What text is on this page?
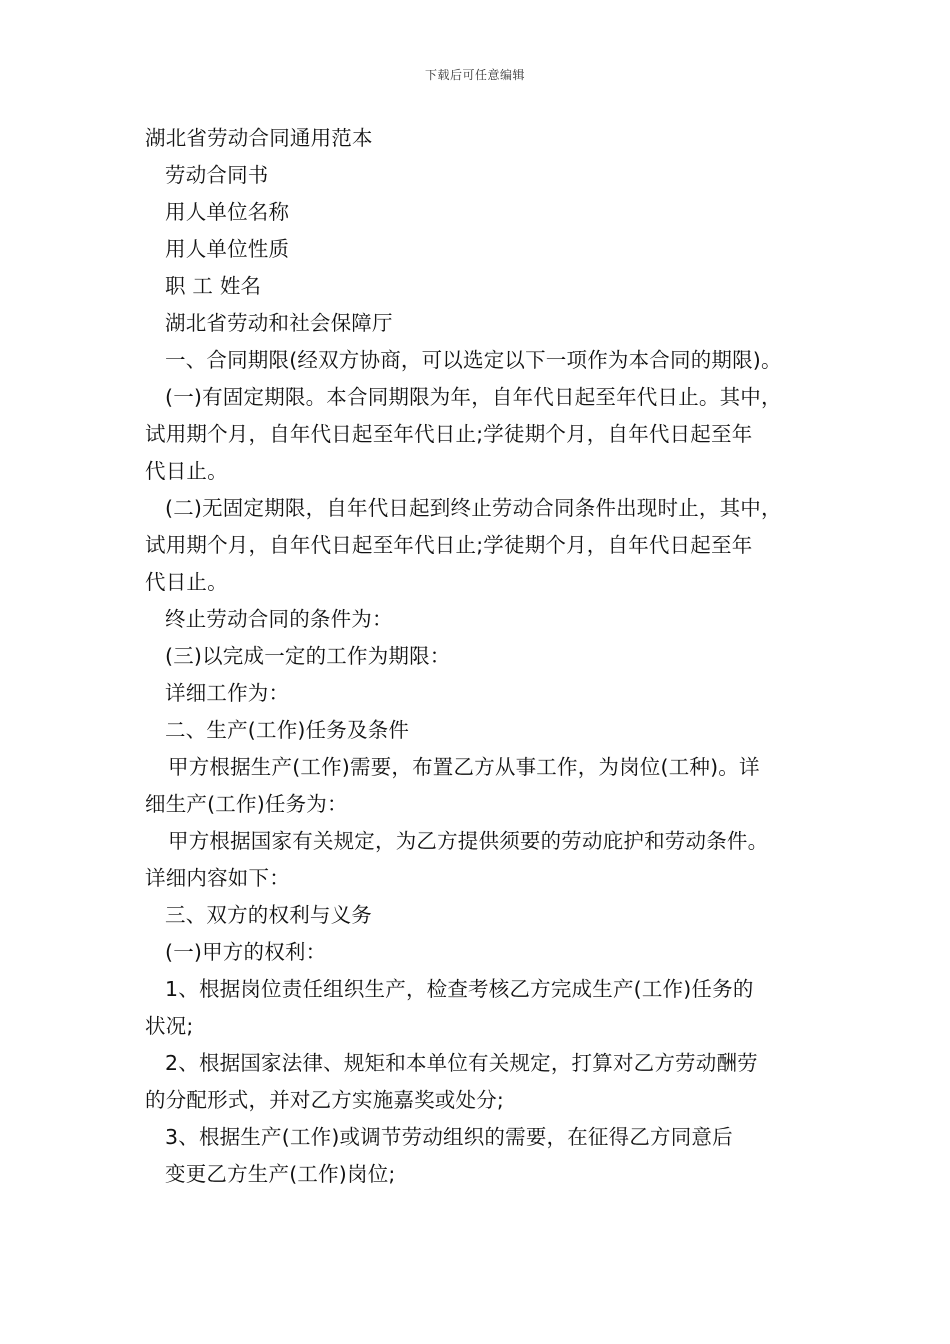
下载后可任意编辑

湖北省劳动合同通用范本

劳动合同书

用人单位名称

用人单位性质

职 工 姓名

湖北省劳动和社会保障厅

一、合同期限(经双方协商，可以选定以下一项作为本合同的期限)。

(一)有固定期限。本合同期限为年，自年代日起至年代日止。其中，

试用期个月，自年代日起至年代日止;学徒期个月，自年代日起至年

代日止。

(二)无固定期限，自年代日起到终止劳动合同条件出现时止，其中，

试用期个月，自年代日起至年代日止;学徒期个月，自年代日起至年

代日止。

终止劳动合同的条件为：

(三)以完成一定的工作为期限：

详细工作为：

二、生产(工作)任务及条件

甲方根据生产(工作)需要，布置乙方从事工作，为岗位(工种)。详

细生产(工作)任务为：

甲方根据国家有关规定，为乙方提供须要的劳动庇护和劳动条件。

详细内容如下：

三、双方的权利与义务

(一)甲方的权利：

1、根据岗位责任组织生产，检查考核乙方完成生产(工作)任务的

状况;

2、根据国家法律、规矩和本单位有关规定，打算对乙方劳动酬劳

的分配形式，并对乙方实施嘉奖或处分;

3、根据生产(工作)或调节劳动组织的需要，在征得乙方同意后

变更乙方生产(工作)岗位;
